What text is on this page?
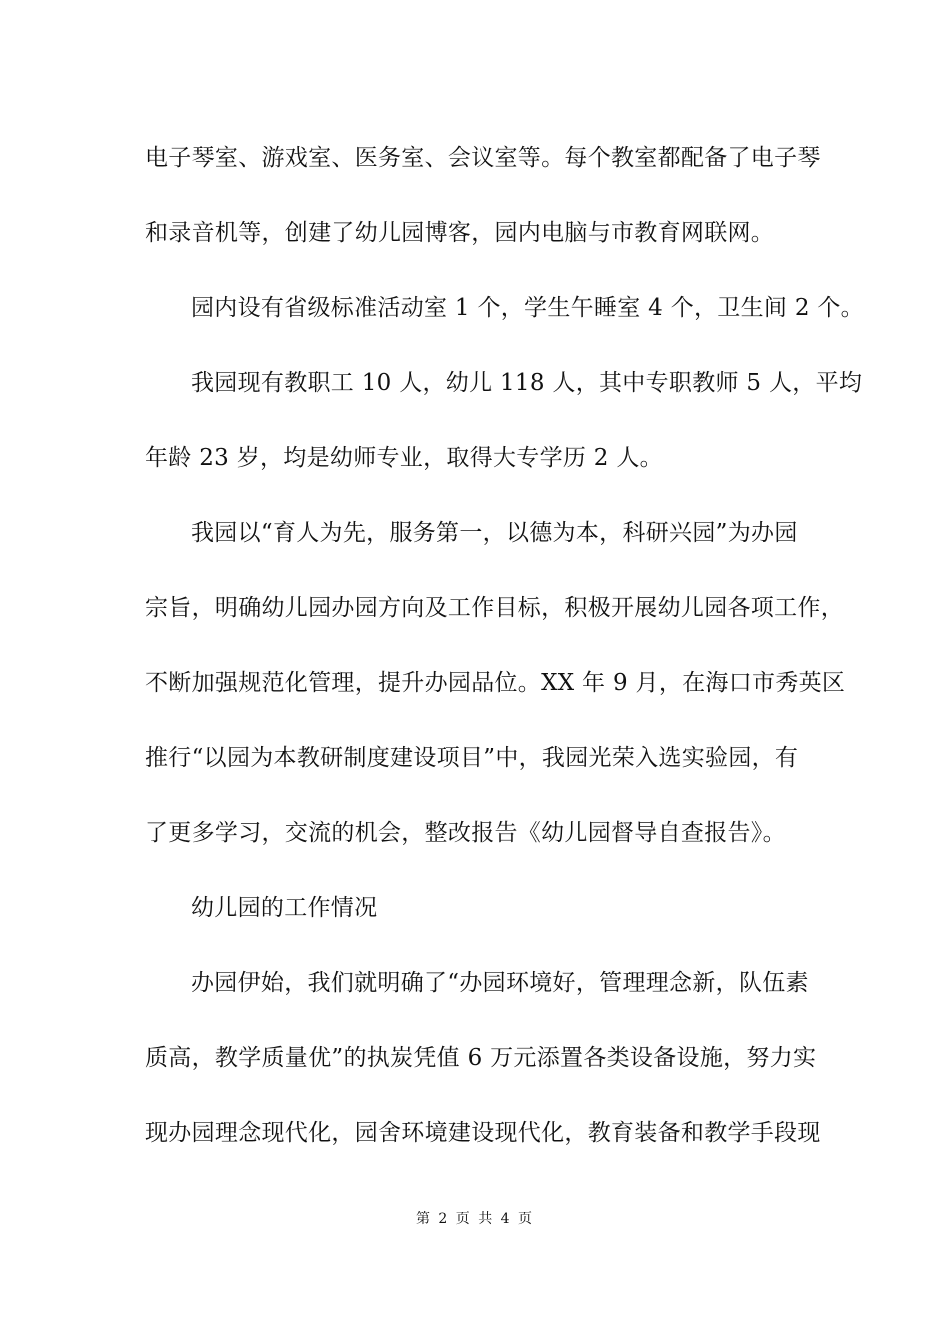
电子琴室、游戏室、医务室、会议室等。每个教室都配备了电子琴
和录音机等，创建了幼儿园博客，园内电脑与市教育网联网。
园内设有省级标准活动室 1 个，学生午睡室 4 个，卫生间 2 个。
我园现有教职工 10 人，幼儿 118 人，其中专职教师 5 人，平均
年龄 23 岁，均是幼师专业，取得大专学历 2 人。
我园以“育人为先，服务第一，以德为本，科研兴园”为办园
宗旨，明确幼儿园办园方向及工作目标，积极开展幼儿园各项工作，
不断加强规范化管理，提升办园品位。XX 年 9 月，在海口市秀英区
推行“以园为本教研制度建设项目”中，我园光荣入选实验园，有
了更多学习，交流的机会，整改报告《幼儿园督导自查报告》。
幼儿园的工作情况
办园伊始，我们就明确了“办园环境好，管理理念新，队伍素
质高，教学质量优”的执炭凭值 6 万元添置各类设备设施，努力实
现办园理念现代化，园舍环境建设现代化，教育装备和教学手段现
第 2 页 共 4 页
